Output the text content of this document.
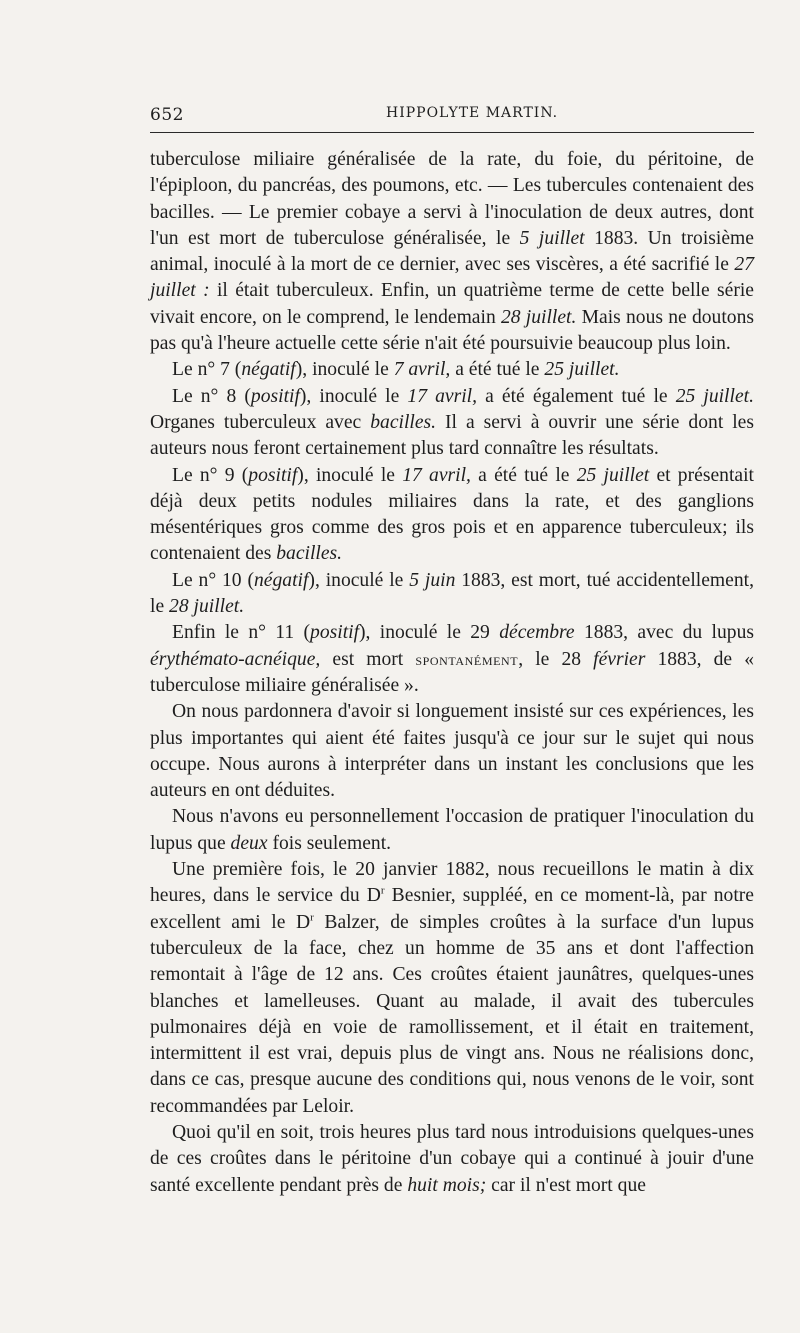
652	HIPPOLYTE MARTIN.

tuberculose miliaire généralisée de la rate, du foie, du péritoine, de l'épiploon, du pancréas, des poumons, etc. — Les tubercules contenaient des bacilles. — Le premier cobaye a servi à l'inoculation de deux autres, dont l'un est mort de tuberculose généralisée, le 5 juillet 1883. Un troisième animal, inoculé à la mort de ce dernier, avec ses viscères, a été sacrifié le 27 juillet : il était tuberculeux. Enfin, un quatrième terme de cette belle série vivait encore, on le comprend, le lendemain 28 juillet. Mais nous ne doutons pas qu'à l'heure actuelle cette série n'ait été poursuivie beaucoup plus loin.

Le n° 7 (négatif), inoculé le 7 avril, a été tué le 25 juillet.

Le n° 8 (positif), inoculé le 17 avril, a été également tué le 25 juillet. Organes tuberculeux avec bacilles. Il a servi à ouvrir une série dont les auteurs nous feront certainement plus tard connaître les résultats.

Le n° 9 (positif), inoculé le 17 avril, a été tué le 25 juillet et présentait déjà deux petits nodules miliaires dans la rate, et des ganglions mésentériques gros comme des gros pois et en apparence tuberculeux; ils contenaient des bacilles.

Le n° 10 (négatif), inoculé le 5 juin 1883, est mort, tué accidentellement, le 28 juillet.

Enfin le n° 11 (positif), inoculé le 29 décembre 1883, avec du lupus érythémato-acnéique, est mort spontanément, le 28 février 1883, de « tuberculose miliaire généralisée ».

On nous pardonnera d'avoir si longuement insisté sur ces expériences, les plus importantes qui aient été faites jusqu'à ce jour sur le sujet qui nous occupe. Nous aurons à interpréter dans un instant les conclusions que les auteurs en ont déduites.

Nous n'avons eu personnellement l'occasion de pratiquer l'inoculation du lupus que deux fois seulement.

Une première fois, le 20 janvier 1882, nous recueillons le matin à dix heures, dans le service du $D^r$ Besnier, suppléé, en ce moment-là, par notre excellent ami le $D^r$ Balzer, de simples croûtes à la surface d'un lupus tuberculeux de la face, chez un homme de 35 ans et dont l'affection remontait à l'âge de 12 ans. Ces croûtes étaient jaunâtres, quelques-unes blanches et lamelleuses. Quant au malade, il avait des tubercules pulmonaires déjà en voie de ramollissement, et il était en traitement, intermittent il est vrai, depuis plus de vingt ans. Nous ne réalisions donc, dans ce cas, presque aucune des conditions qui, nous venons de le voir, sont recommandées par Leloir.

Quoi qu'il en soit, trois heures plus tard nous introduisions quelques-unes de ces croûtes dans le péritoine d'un cobaye qui a continué à jouir d'une santé excellente pendant près de huit mois; car il n'est mort que
